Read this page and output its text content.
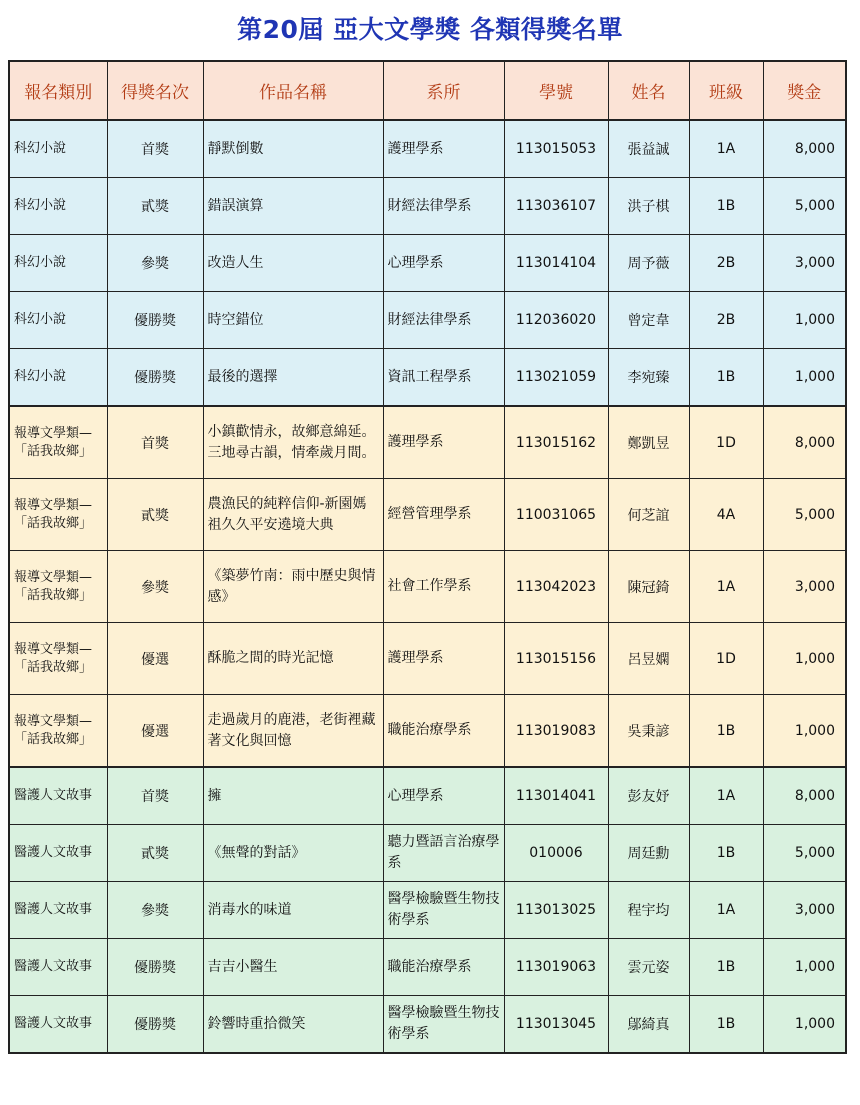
第20屆 亞大文學獎 各類得獎名單
報名類別	得獎名次	作品名稱	系所	學號	姓名	班級	獎金
科幻小說	首獎	靜默倒數	護理學系	113015053	張益誠	1A	8,000
科幻小說	貳獎	錯誤演算	財經法律學系	113036107	洪子棋	1B	5,000
科幻小說	參獎	改造人生	心理學系	113014104	周予薇	2B	3,000
科幻小說	優勝獎	時空錯位	財經法律學系	112036020	曾定韋	2B	1,000
科幻小說	優勝獎	最後的選擇	資訊工程學系	113021059	李宛臻	1B	1,000
報導文學類—「話我故鄉」	首獎	小鎮歡情永，故鄉意綿延。三地尋古韻，情牽歲月間。	護理學系	113015162	鄭凱昱	1D	8,000
報導文學類—「話我故鄉」	貳獎	農漁民的純粹信仰-新園媽祖久久平安遶境大典	經營管理學系	110031065	何芝誼	4A	5,000
報導文學類—「話我故鄉」	參獎	《築夢竹南：雨中歷史與情感》	社會工作學系	113042023	陳冠錡	1A	3,000
報導文學類—「話我故鄉」	優選	酥脆之間的時光記憶	護理學系	113015156	呂昱嫻	1D	1,000
報導文學類—「話我故鄉」	優選	走過歲月的鹿港，老街裡藏著文化與回憶	職能治療學系	113019083	吳秉諺	1B	1,000
醫護人文故事	首獎	擁	心理學系	113014041	彭友妤	1A	8,000
醫護人文故事	貳獎	《無聲的對話》	聽力暨語言治療學系	010006	周廷勳	1B	5,000
醫護人文故事	參獎	消毒水的味道	醫學檢驗暨生物技術學系	113013025	程宇均	1A	3,000
醫護人文故事	優勝獎	吉吉小醫生	職能治療學系	113019063	雲元姿	1B	1,000
醫護人文故事	優勝獎	鈴響時重拾微笑	醫學檢驗暨生物技術學系	113013045	鄔綺真	1B	1,000
